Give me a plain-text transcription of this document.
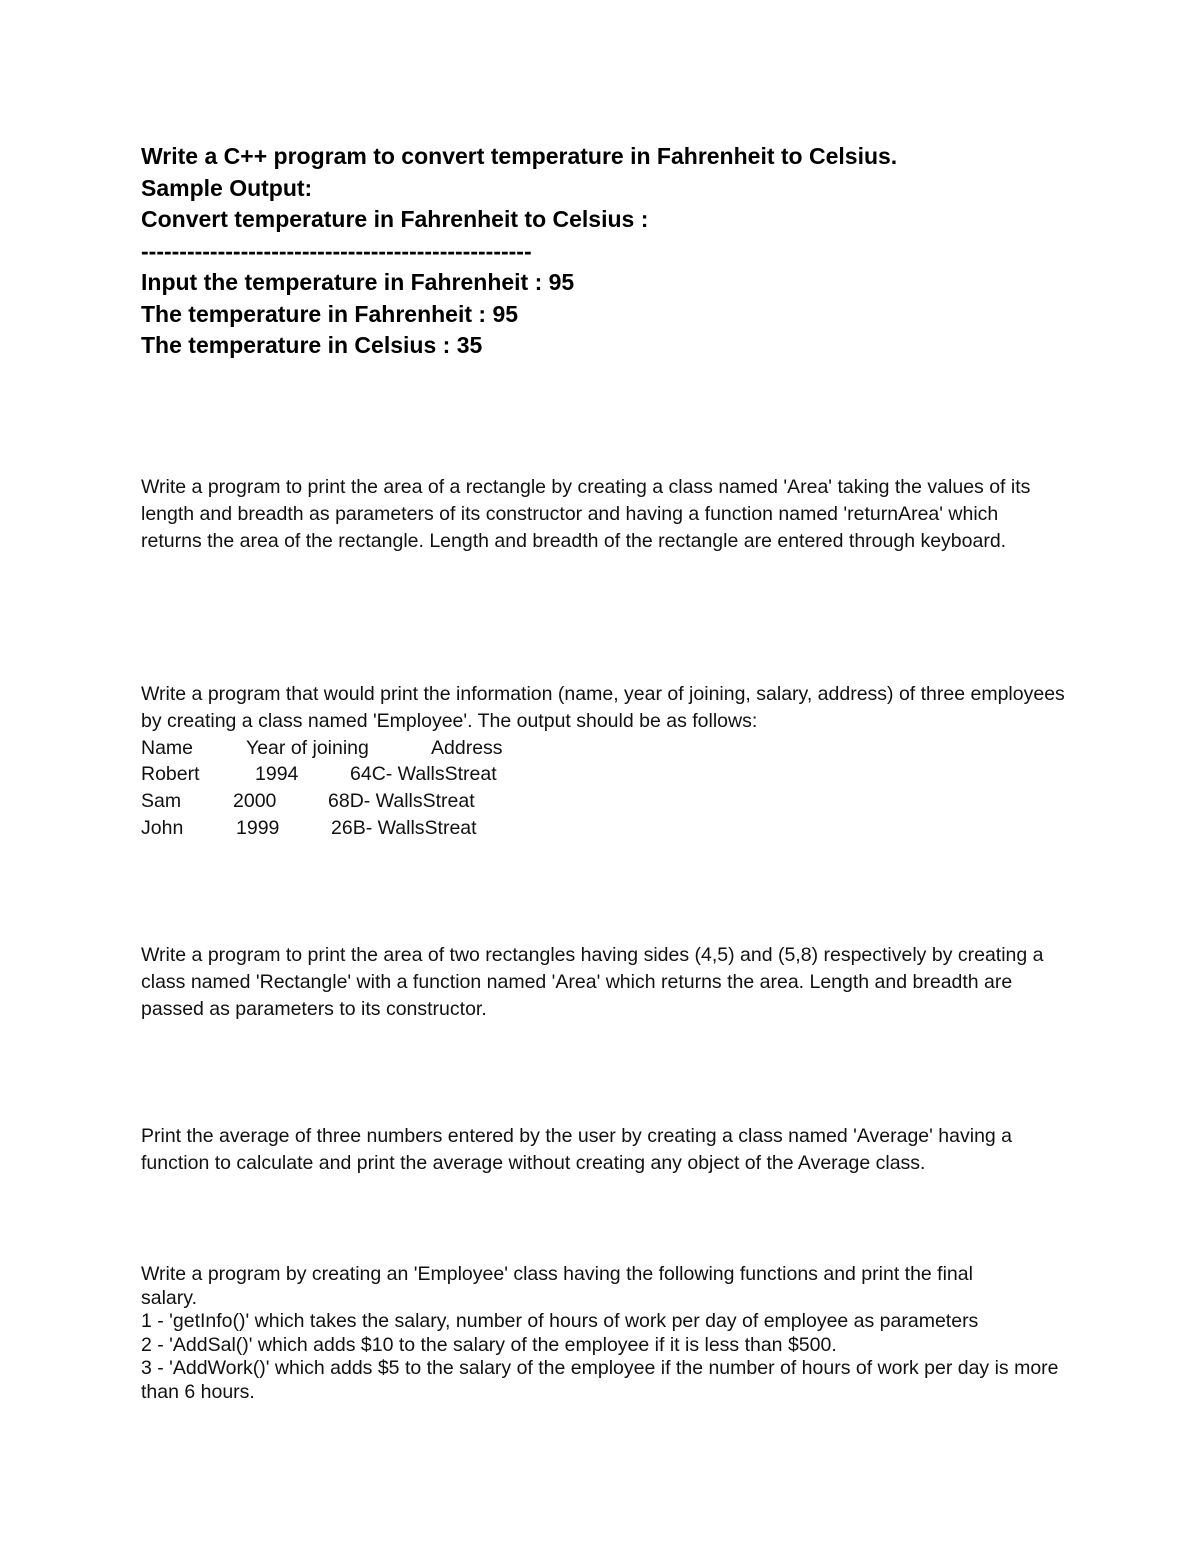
Write a C++ program to convert temperature in Fahrenheit to Celsius.
Sample Output:
Convert temperature in Fahrenheit to Celsius :
---------------------------------------------------
Input the temperature in Fahrenheit : 95
The temperature in Fahrenheit : 95
The temperature in Celsius : 35
Write a program to print the area of a rectangle by creating a class named 'Area' taking the values of its length and breadth as parameters of its constructor and having a function named 'returnArea' which returns the area of the rectangle. Length and breadth of the rectangle are entered through keyboard.
Write a program that would print the information (name, year of joining, salary, address) of three employees by creating a class named 'Employee'. The output should be as follows:
Name	Year of joining	Address
Robert	1994	64C- WallsStreat
Sam	2000	68D- WallsStreat
John	1999	26B- WallsStreat
Write a program to print the area of two rectangles having sides (4,5) and (5,8) respectively by creating a class named 'Rectangle' with a function named 'Area' which returns the area. Length and breadth are passed as parameters to its constructor.
Print the average of three numbers entered by the user by creating a class named 'Average' having a function to calculate and print the average without creating any object of the Average class.
Write a program by creating an 'Employee' class having the following functions and print the final salary.
1 - 'getInfo()' which takes the salary, number of hours of work per day of employee as parameters
2 - 'AddSal()' which adds $10 to the salary of the employee if it is less than $500.
3 - 'AddWork()' which adds $5 to the salary of the employee if the number of hours of work per day is more than 6 hours.
